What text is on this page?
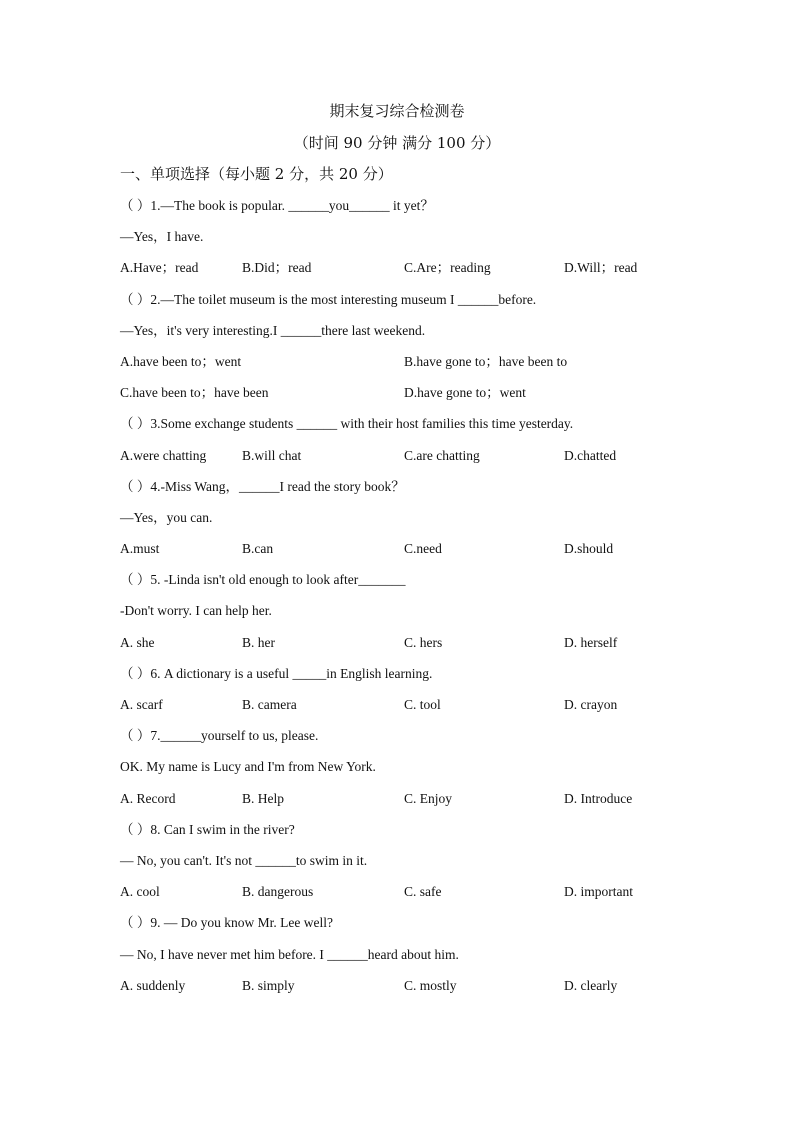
期末复习综合检测卷
（时间 90 分钟 满分 100 分）
一、单项选择（每小题 2 分，共 20 分）
（ ）1.—The book is popular. ______you______ it yet？
—Yes，I have.
A.Have；read	B.Did；read	C.Are；reading	D.Will；read
（ ）2.—The toilet museum is the most interesting museum I ______before.
—Yes，it's very interesting.I ______there last weekend.
A.have been to；went	B.have gone to；have been to
C.have been to；have been	D.have gone to；went
（ ）3.Some exchange students ______ with their host families this time yesterday.
A.were chatting	B.will chat	C.are chatting	D.chatted
（ ）4.-Miss Wang，______I read the story book？
—Yes，you can.
A.must	B.can	C.need	D.should
（ ）5. -Linda isn't old enough to look after_______
-Don't worry. I can help her.
A. she	B. her	C. hers	D. herself
（ ）6. A dictionary is a useful _____in English learning.
A. scarf	B. camera	C. tool	D. crayon
（ ）7.______yourself to us, please.
OK. My name is Lucy and I'm from New York.
A. Record	B. Help	C. Enjoy	D. Introduce
（ ）8. Can I swim in the river?
— No, you can't. It's not ______to swim in it.
A. cool	B. dangerous	C. safe	D. important
（ ）9. — Do you know Mr. Lee well?
— No, I have never met him before. I ______heard about him.
A. suddenly	B. simply	C. mostly	D. clearly
